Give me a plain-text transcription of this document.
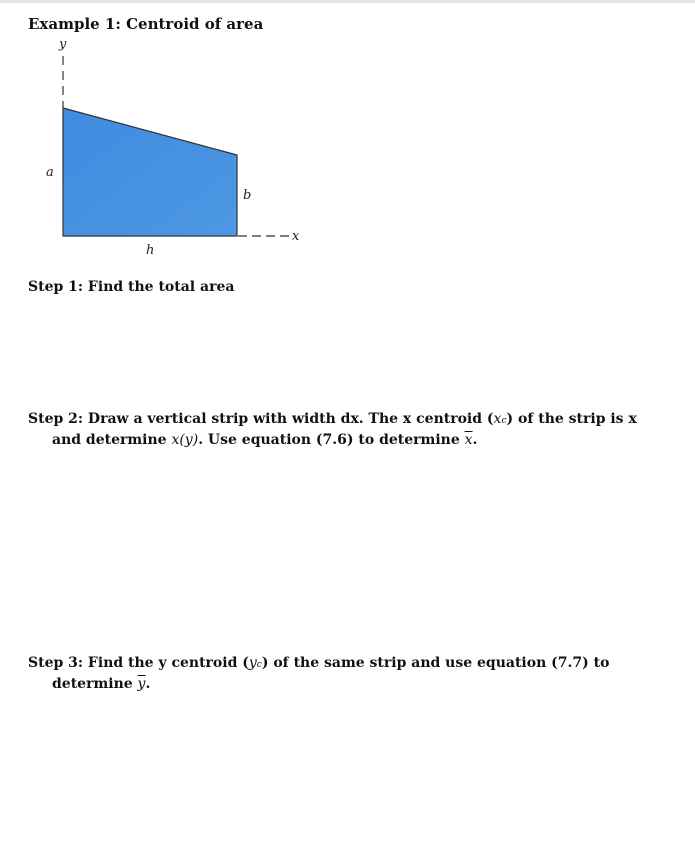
Example 1: Centroid of area
y
x
a
b
h
Step 1: Find the total area
Step 2: Draw a vertical strip with width dx. The x centroid (xc) of the strip is x
and determine x(y). Use equation (7.6) to determine $\overline{x}$.
Step 3: Find the y centroid (yc) of the same strip and use equation (7.7) to
determine $\overline{y}$.
